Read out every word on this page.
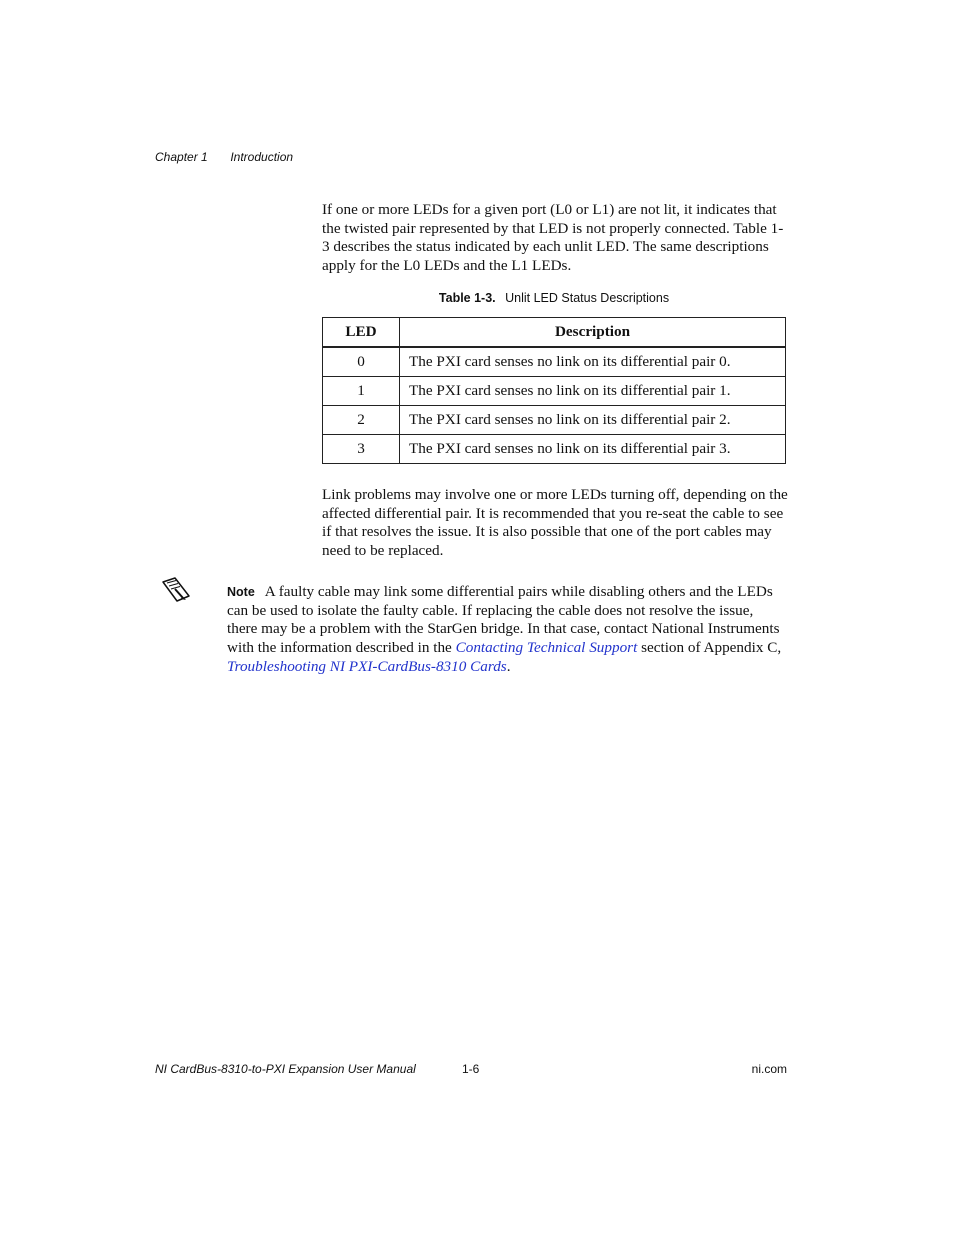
Chapter 1 Introduction
If one or more LEDs for a given port (L0 or L1) are not lit, it indicates that the twisted pair represented by that LED is not properly connected. Table 1-3 describes the status indicated by each unlit LED. The same descriptions apply for the L0 LEDs and the L1 LEDs.
Table 1-3. Unlit LED Status Descriptions
LED	Description
0	The PXI card senses no link on its differential pair 0.
1	The PXI card senses no link on its differential pair 1.
2	The PXI card senses no link on its differential pair 2.
3	The PXI card senses no link on its differential pair 3.
Link problems may involve one or more LEDs turning off, depending on the affected differential pair. It is recommended that you re-seat the cable to see if that resolves the issue. It is also possible that one of the port cables may need to be replaced.
Note A faulty cable may link some differential pairs while disabling others and the LEDs can be used to isolate the faulty cable. If replacing the cable does not resolve the issue, there may be a problem with the StarGen bridge. In that case, contact National Instruments with the information described in the Contacting Technical Support section of Appendix C, Troubleshooting NI PXI-CardBus-8310 Cards.
NI CardBus-8310-to-PXI Expansion User Manual	1-6	ni.com
